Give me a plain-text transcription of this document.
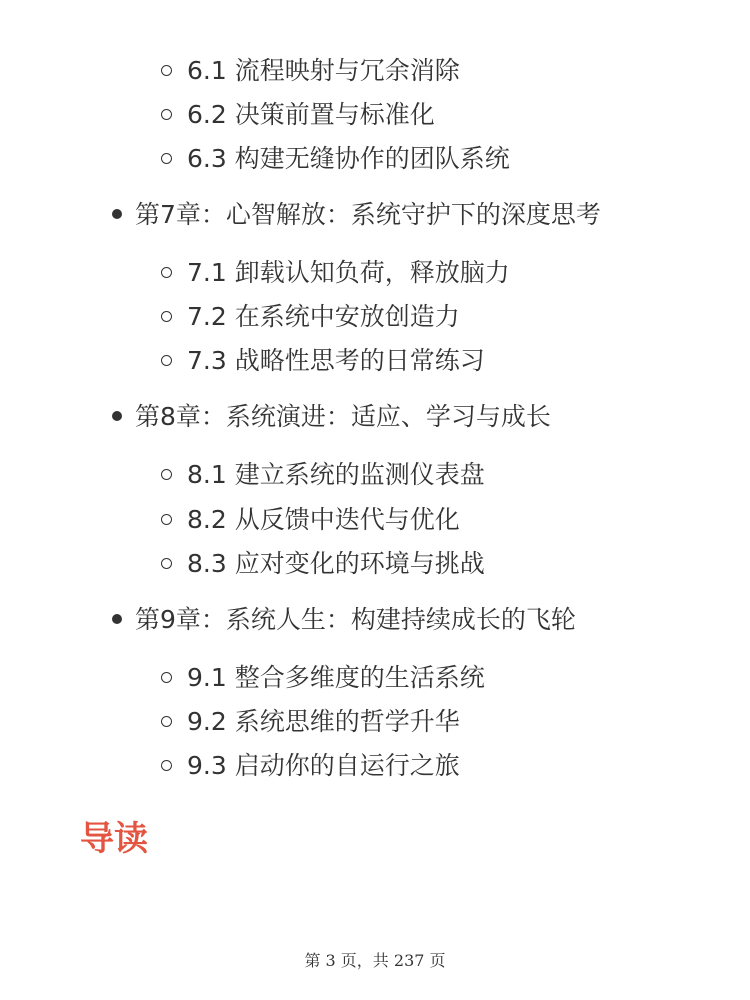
6.1 流程映射与冗余消除
6.2 决策前置与标准化
6.3 构建无缝协作的团队系统
第7章：心智解放：系统守护下的深度思考
7.1 卸载认知负荷，释放脑力
7.2 在系统中安放创造力
7.3 战略性思考的日常练习
第8章：系统演进：适应、学习与成长
8.1 建立系统的监测仪表盘
8.2 从反馈中迭代与优化
8.3 应对变化的环境与挑战
第9章：系统人生：构建持续成长的飞轮
9.1 整合多维度的生活系统
9.2 系统思维的哲学升华
9.3 启动你的自运行之旅
导读
第 3 页，共 237 页
